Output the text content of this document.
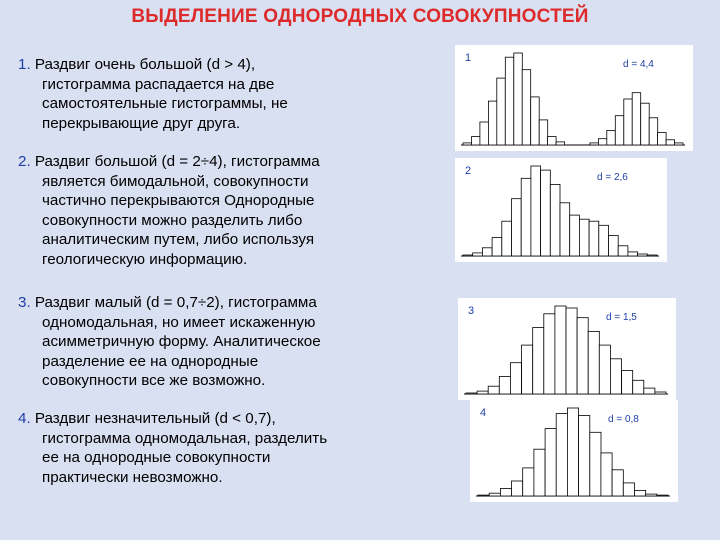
ВЫДЕЛЕНИЕ ОДНОРОДНЫХ СОВОКУПНОСТЕЙ
1. Раздвиг очень большой (d > 4),
гистограмма распадается на две
самостоятельные гистограммы, не
перекрывающие друг друга.
2. Раздвиг большой (d = 2÷4), гистограмма
является бимодальной, совокупности
частично перекрываются Однородные
совокупности можно разделить либо
аналитическим путем, либо используя
геологическую информацию.
3. Раздвиг малый (d = 0,7÷2), гистограмма
одномодальная, но имеет искаженную
асимметричную форму. Аналитическое
разделение ее на однородные
совокупности все же возможно.
4. Раздвиг незначительный (d < 0,7),
гистограмма одномодальная, разделить
ее на однородные совокупности
практически невозможно.
1
d = 4,4
2
d = 2,6
3
d = 1,5
4
d = 0,8
